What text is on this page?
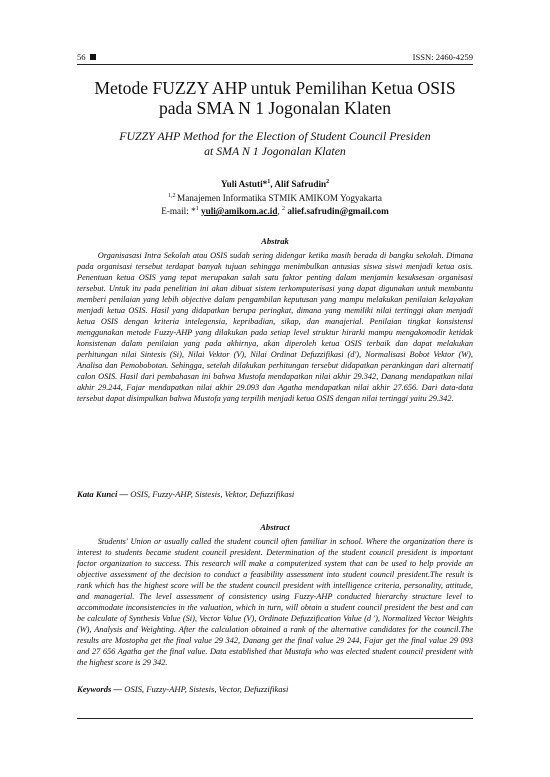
56	ISSN: 2460-4259
Metode FUZZY AHP untuk Pemilihan Ketua OSIS
pada SMA N 1 Jogonalan Klaten
FUZZY AHP Method for the Election of Student Council Presiden
at SMA N 1 Jogonalan Klaten
Yuli Astuti*$^1$, Alif Safrudin$^2$
$^{1,2}$ Manajemen Informatika STMIK AMIKOM Yogyakarta
E-mail: *$^1$ yuli@amikom.ac.id, $^2$ alief.safrudin@gmail.com
Abstrak

Organisasasi Intra Sekolah atau OSIS sudah sering didengar ketika masih berada di bangku sekolah. Dimana pada organisasi tersebut terdapat banyak tujuan sehingga menimbulkan antusias siswa siswi menjadi ketua osis. Penentuan ketua OSIS yang tepat merupakan salah satu faktor penting dalam menjamin kesuksesan organisasi tersebut. Untuk itu pada penelitian ini akan dibuat sistem terkomputerisasi yang dapat digunakan untuk membantu memberi penilaian yang lebih objective dalam pengambilan keputusan yang mampu melakukan penilaian kelayakan menjadi ketua OSIS. Hasil yang didapatkan berupa peringkat, dimana yang memiliki nilai tertinggi akan menjadi ketua OSIS dengan kriteria intelegensia, kepribadian, sikap, dan manajerial. Penilaian tingkat konsistensi menggunakan metode Fuzzy-AHP yang dilakukan pada setiap level struktur hirarki mampu mengakomodir ketidak konsistenan dalam penilaian yang pada akhirnya, akan diperoleh ketua OSIS terbaik dan dapat melakukan perhitungan nilai Sintesis (Si), Nilai Vektor (V), Nilai Ordinat Defuzzifikasi (d'), Normalisasi Bobot Vektor (W), Analisa dan Pemobobotan. Sehingga, setelah dilakukan perhitungan tersebut didapatkan perankingan dari alternatif calon OSIS. Hasil dari pembahasan ini bahwa Mustofa mendapatkan nilai akhir 29.342, Danang mendapatkan nilai akhir 29.244, Fajar mendapatkan nilai akhir 29.093 dan Agatha mendapatkan nilai akhir 27.656. Dari data-data tersebut dapat disimpulkan bahwa Mustofa yang terpilih menjadi ketua OSIS dengan nilai tertinggi yaitu 29.342.

Kata Kunci — OSIS, Fuzzy-AHP, Sistesis, Vektor, Defuzzifikasi
Abstract

Students' Union or usually called the student council often familiar in school. Where the organization there is interest to students became student council president. Determination of the student council president is important factor organization to success. This research will make a computerized system that can be used to help provide an objective assessment of the decision to conduct a feasibility assessment into student council president.The result is rank which has the highest score will be the student council president with intelligence criteria, personality, attitude, and managerial. The level assessment of consistency using Fuzzy-AHP conducted hierarchy structure level to accommodate inconsistencies in the valuation, which in turn, will obtain a student council president the best and can be calculate of Synthesis Value (Si), Vector Value (V), Ordinate Defuzzification Value (d '), Normalized Vector Weights (W), Analysis and Weighting. After the calculation obtained a rank of the alternative candidates for the council.The results are Mostopha get the final value 29 342, Danang get the final value 29 244, Fajar get the final value 29 093 and 27 656 Agatha get the final value. Data established that Mustafa who was elected student council president with the highest score is 29 342.

Keywords — OSIS, Fuzzy-AHP, Sistesis, Vector, Defuzzifikasi
